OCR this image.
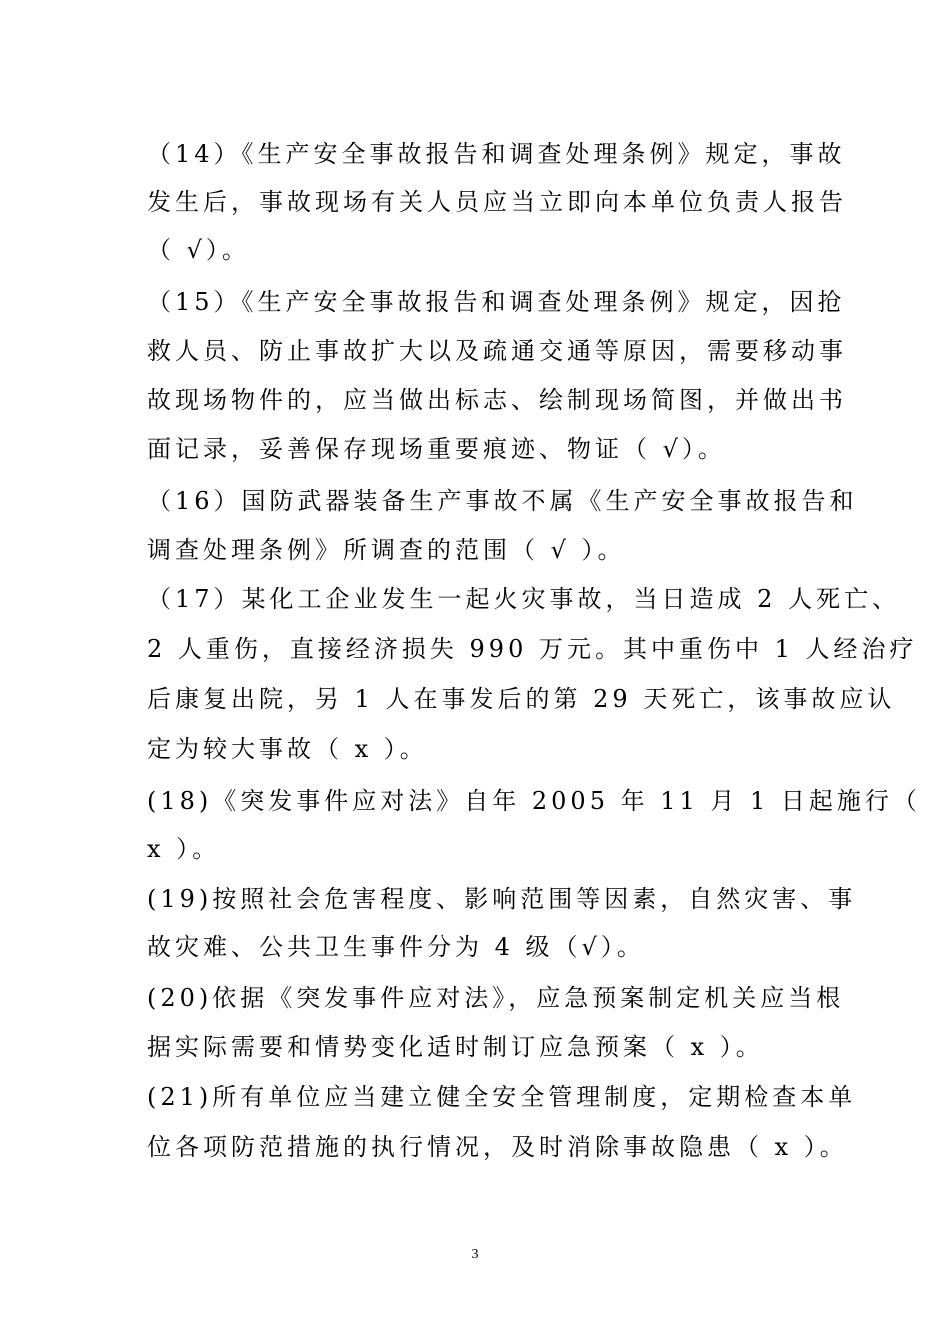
（14）《生产安全事故报告和调查处理条例》规定，事故
发生后，事故现场有关人员应当立即向本单位负责人报告
（ √）。
（15）《生产安全事故报告和调查处理条例》规定，因抢
救人员、防止事故扩大以及疏通交通等原因，需要移动事
故现场物件的，应当做出标志、绘制现场简图，并做出书
面记录，妥善保存现场重要痕迹、物证（ √）。
（16）国防武器装备生产事故不属《生产安全事故报告和
调查处理条例》所调查的范围（ √ ）。
（17）某化工企业发生一起火灾事故，当日造成 2 人死亡、
2 人重伤，直接经济损失 990 万元。其中重伤中 1 人经治疗
后康复出院，另 1 人在事发后的第 29 天死亡，该事故应认
定为较大事故（ x ）。
(18)《突发事件应对法》自年 2005 年 11 月 1 日起施行（
x ）。
(19)按照社会危害程度、影响范围等因素，自然灾害、事
故灾难、公共卫生事件分为 4 级（√）。
(20)依据《突发事件应对法》，应急预案制定机关应当根
据实际需要和情势变化适时制订应急预案（ x ）。
(21)所有单位应当建立健全安全管理制度，定期检查本单
位各项防范措施的执行情况，及时消除事故隐患（ x ）。
3
